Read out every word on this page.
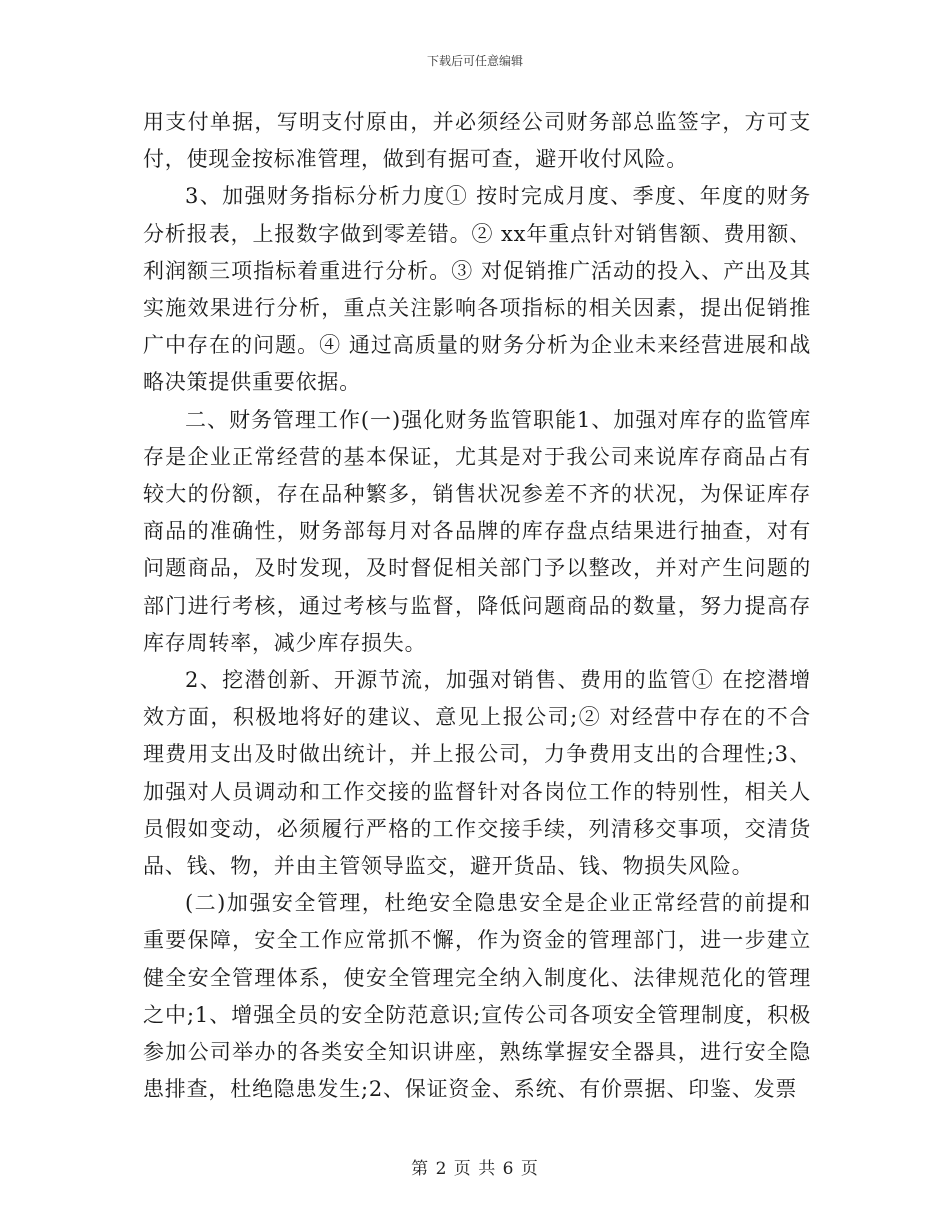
下载后可任意编辑

用支付单据，写明支付原由，并必须经公司财务部总监签字，方可支付，使现金按标准管理，做到有据可查，避开收付风险。

3、加强财务指标分析力度① 按时完成月度、季度、年度的财务分析报表，上报数字做到零差错。② xx年重点针对销售额、费用额、利润额三项指标着重进行分析。③ 对促销推广活动的投入、产出及其实施效果进行分析，重点关注影响各项指标的相关因素，提出促销推广中存在的问题。④ 通过高质量的财务分析为企业未来经营进展和战略决策提供重要依据。

二、财务管理工作(一)强化财务监管职能1、加强对库存的监管库存是企业正常经营的基本保证，尤其是对于我公司来说库存商品占有较大的份额，存在品种繁多，销售状况参差不齐的状况，为保证库存商品的准确性，财务部每月对各品牌的库存盘点结果进行抽查，对有问题商品，及时发现，及时督促相关部门予以整改，并对产生问题的部门进行考核，通过考核与监督，降低问题商品的数量，努力提高存库存周转率，减少库存损失。

2、挖潜创新、开源节流，加强对销售、费用的监管① 在挖潜增效方面，积极地将好的建议、意见上报公司;② 对经营中存在的不合理费用支出及时做出统计，并上报公司，力争费用支出的合理性;3、加强对人员调动和工作交接的监督针对各岗位工作的特别性，相关人员假如变动，必须履行严格的工作交接手续，列清移交事项，交清货品、钱、物，并由主管领导监交，避开货品、钱、物损失风险。

(二)加强安全管理，杜绝安全隐患安全是企业正常经营的前提和重要保障，安全工作应常抓不懈，作为资金的管理部门，进一步建立健全安全管理体系，使安全管理完全纳入制度化、法律规范化的管理之中;1、增强全员的安全防范意识;宣传公司各项安全管理制度，积极参加公司举办的各类安全知识讲座，熟练掌握安全器具，进行安全隐患排查，杜绝隐患发生;2、保证资金、系统、有价票据、印鉴、发票

第 2 页 共 6 页
